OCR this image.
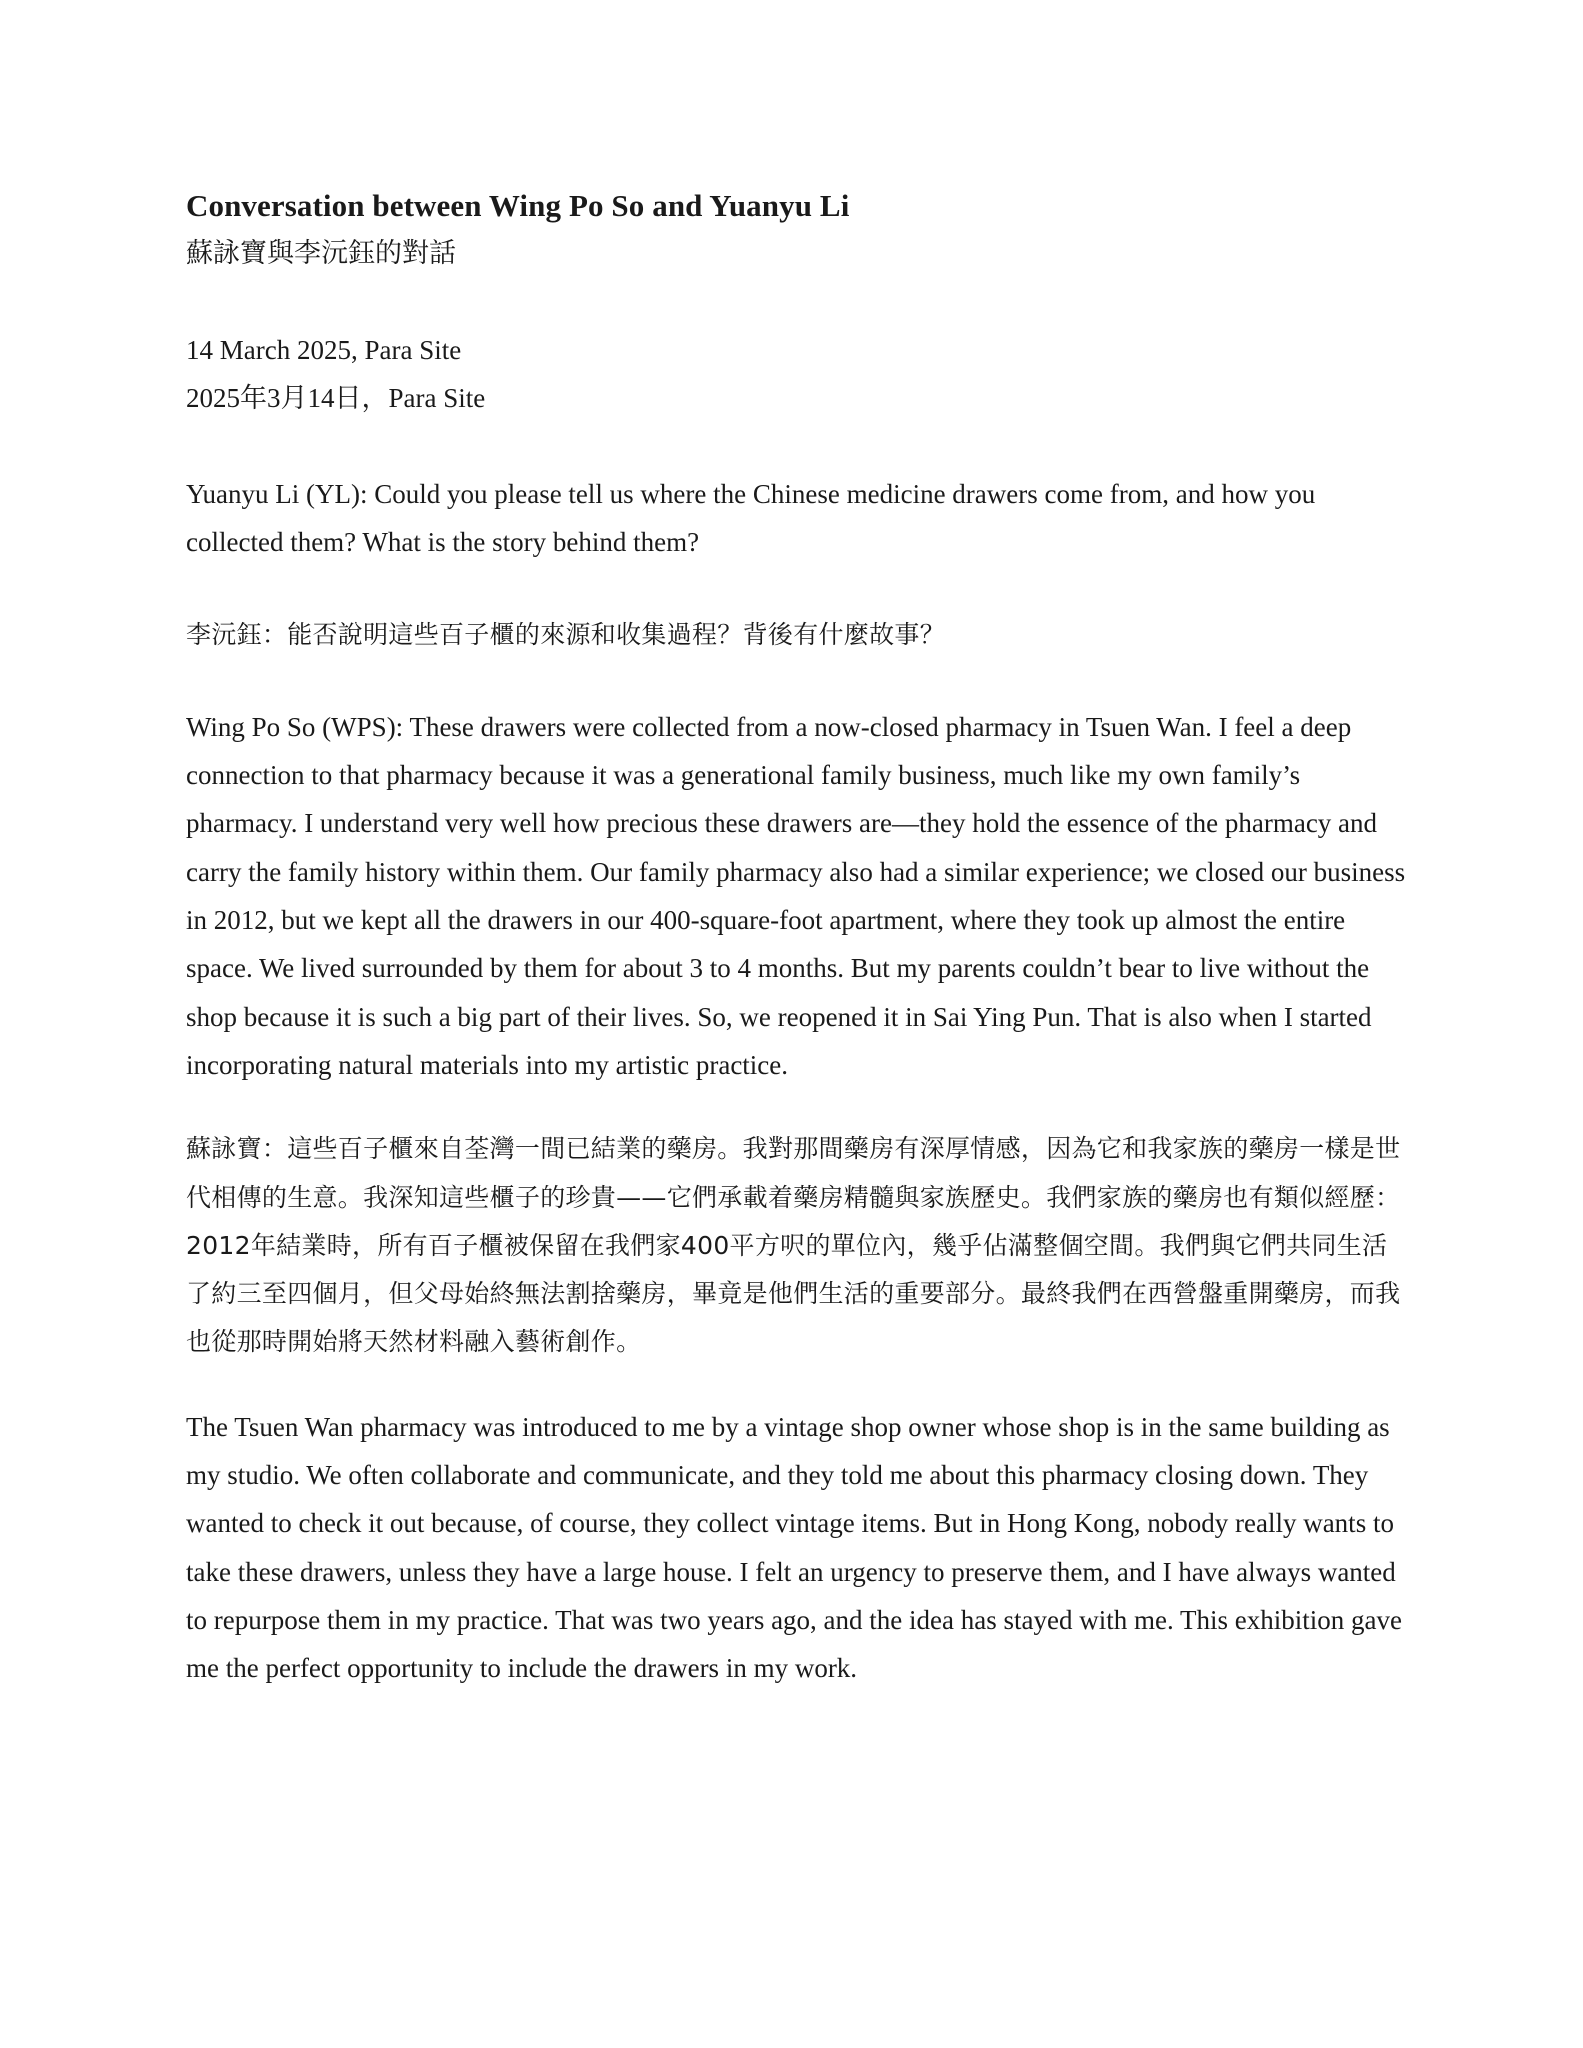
Conversation between Wing Po So and Yuanyu Li

蘇詠寶與李沅鈺的對話

14 March 2025, Para Site

2025年3月14日，Para Site

Yuanyu Li (YL): Could you please tell us where the Chinese medicine drawers come from, and how you collected them? What is the story behind them?

李沅鈺：能否說明這些百子櫃的來源和收集過程？背後有什麼故事？

Wing Po So (WPS): These drawers were collected from a now-closed pharmacy in Tsuen Wan. I feel a deep connection to that pharmacy because it was a generational family business, much like my own family’s pharmacy. I understand very well how precious these drawers are—they hold the essence of the pharmacy and carry the family history within them. Our family pharmacy also had a similar experience; we closed our business in 2012, but we kept all the drawers in our 400-square-foot apartment, where they took up almost the entire space. We lived surrounded by them for about 3 to 4 months. But my parents couldn’t bear to live without the shop because it is such a big part of their lives. So, we reopened it in Sai Ying Pun. That is also when I started incorporating natural materials into my artistic practice.

蘇詠寶：這些百子櫃來自荃灣一間已結業的藥房。我對那間藥房有深厚情感，因為它和我家族的藥房一樣是世代相傳的生意。我深知這些櫃子的珍貴——它們承載着藥房精髓與家族歷史。我們家族的藥房也有類似經歷：2012年結業時，所有百子櫃被保留在我們家400平方呎的單位內，幾乎佔滿整個空間。我們與它們共同生活了約三至四個月，但父母始終無法割捨藥房，畢竟是他們生活的重要部分。最終我們在西營盤重開藥房，而我也從那時開始將天然材料融入藝術創作。

The Tsuen Wan pharmacy was introduced to me by a vintage shop owner whose shop is in the same building as my studio. We often collaborate and communicate, and they told me about this pharmacy closing down. They wanted to check it out because, of course, they collect vintage items. But in Hong Kong, nobody really wants to take these drawers, unless they have a large house. I felt an urgency to preserve them, and I have always wanted to repurpose them in my practice. That was two years ago, and the idea has stayed with me. This exhibition gave me the perfect opportunity to include the drawers in my work.
